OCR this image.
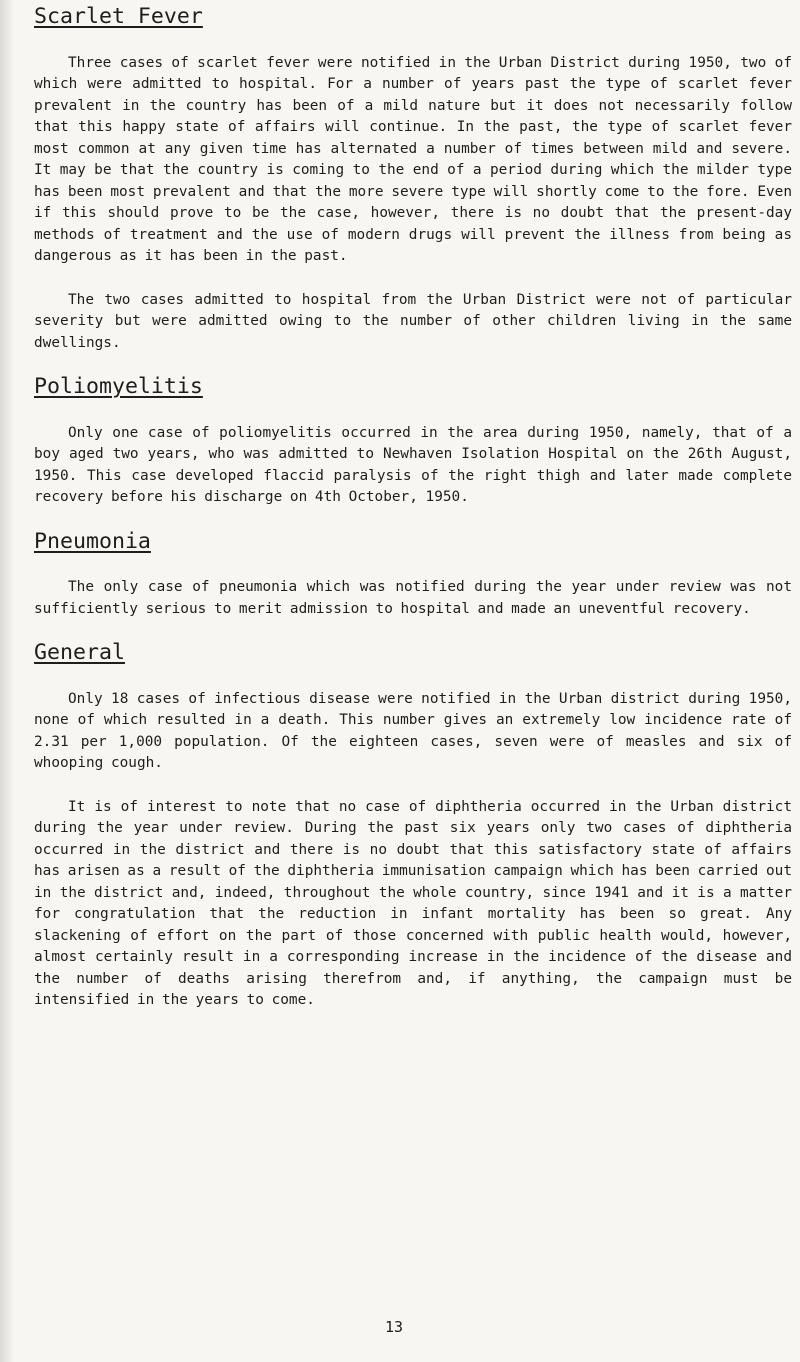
Scarlet Fever

Three cases of scarlet fever were notified in the Urban District during 1950, two of which were admitted to hospital. For a number of years past the type of scarlet fever prevalent in the country has been of a mild nature but it does not necessarily follow that this happy state of affairs will continue. In the past, the type of scarlet fever most common at any given time has alternated a number of times between mild and severe. It may be that the country is coming to the end of a period during which the milder type has been most prevalent and that the more severe type will shortly come to the fore. Even if this should prove to be the case, however, there is no doubt that the present-day methods of treatment and the use of modern drugs will prevent the illness from being as dangerous as it has been in the past.

The two cases admitted to hospital from the Urban District were not of particular severity but were admitted owing to the number of other children living in the same dwellings.

Poliomyelitis

Only one case of poliomyelitis occurred in the area during 1950, namely, that of a boy aged two years, who was admitted to Newhaven Isolation Hospital on the 26th August, 1950. This case developed flaccid paralysis of the right thigh and later made complete recovery before his discharge on 4th October, 1950.

Pneumonia

The only case of pneumonia which was notified during the year under review was not sufficiently serious to merit admission to hospital and made an uneventful recovery.

General

Only 18 cases of infectious disease were notified in the Urban district during 1950, none of which resulted in a death. This number gives an extremely low incidence rate of 2.31 per 1,000 population. Of the eighteen cases, seven were of measles and six of whooping cough.

It is of interest to note that no case of diphtheria occurred in the Urban district during the year under review. During the past six years only two cases of diphtheria occurred in the district and there is no doubt that this satisfactory state of affairs has arisen as a result of the diphtheria immunisation campaign which has been carried out in the district and, indeed, throughout the whole country, since 1941 and it is a matter for congratulation that the reduction in infant mortality has been so great. Any slackening of effort on the part of those concerned with public health would, however, almost certainly result in a corresponding increase in the incidence of the disease and the number of deaths arising therefrom and, if anything, the campaign must be intensified in the years to come.

13
